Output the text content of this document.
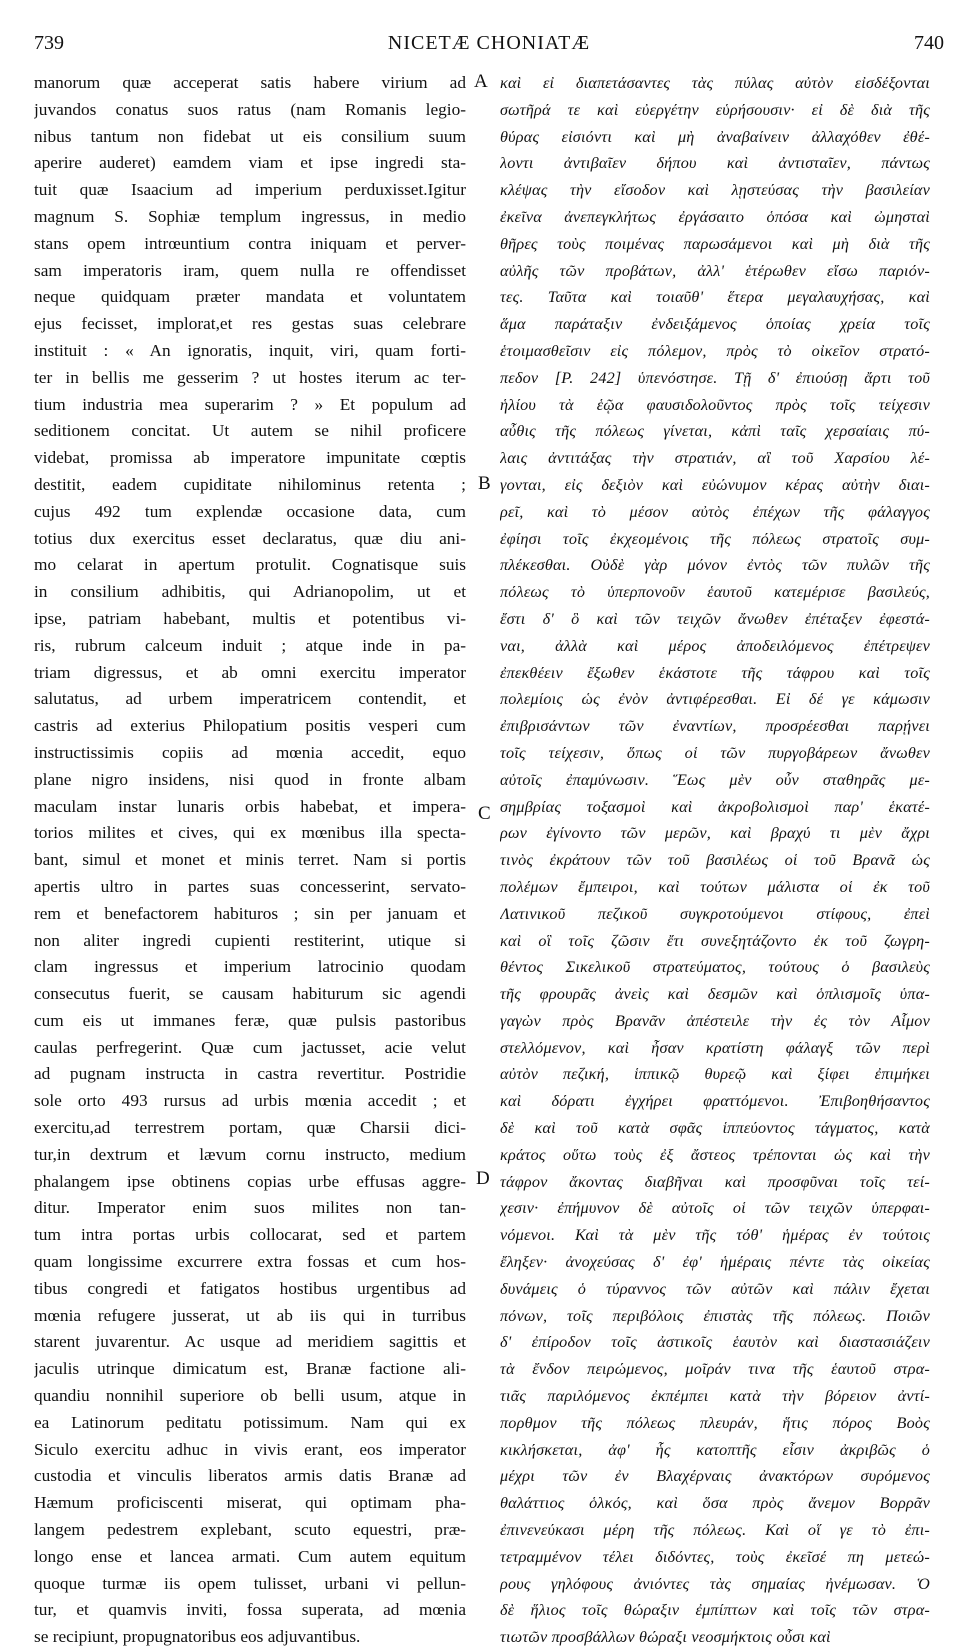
739	NICETÆ CHONIATÆ	740
manorum quæ acceperat satis habere virium ad
juvandos conatus suos ratus (nam Romanis legio-
nibus tantum non fidebat ut eis consilium suum
aperire auderet) eamdem viam et ipse ingredi sta-
tuit quæ Isaacium ad imperium perduxisset.Igitur
magnum S. Sophiæ templum ingressus, in medio
stans opem intrœuntium contra iniquam et perver-
sam imperatoris iram, quem nulla re offendisset
neque quidquam præter mandata et voluntatem
ejus fecisset, implorat,et res gestas suas celebrare
instituit : « An ignoratis, inquit, viri, quam forti-
ter in bellis me gesserim ? ut hostes iterum ac ter-
tium industria mea superarim ? » Et populum ad
seditionem concitat. Ut autem se nihil proficere
videbat, promissa ab imperatore impunitate cœptis
destitit, eadem cupiditate nihilominus retenta ;
cujus 492 tum explendæ occasione data, cum
totius dux exercitus esset declaratus, quæ diu ani-
mo celarat in apertum protulit. Cognatisque suis
in consilium adhibitis, qui Adrianopolim, ut et
ipse, patriam habebant, multis et potentibus vi-
ris, rubrum calceum induit ; atque inde in pa-
triam digressus, et ab omni exercitu imperator
salutatus, ad urbem imperatricem contendit, et
castris ad exterius Philopatium positis vesperi cum
instructissimis copiis ad mœnia accedit, equo
plane nigro insidens, nisi quod in fronte albam
maculam instar lunaris orbis habebat, et impera-
torios milites et cives, qui ex mœnibus illa specta-
bant, simul et monet et minis terret. Nam si portis
apertis ultro in partes suas concesserint, servato-
rem et benefactorem habituros ; sin per januam et
non aliter ingredi cupienti restiterint, utique si
clam ingressus et imperium latrocinio quodam
consecutus fuerit, se causam habiturum sic agendi
cum eis ut immanes feræ, quæ pulsis pastoribus
caulas perfregerint. Quæ cum jactusset, acie velut
ad pugnam instructa in castra revertitur. Postridie
sole orto 493 rursus ad urbis mœnia accedit ; et
exercitu,ad terrestrem portam, quæ Charsii dici-
tur,in dextrum et lævum cornu instructo, medium
phalangem ipse obtinens copias urbe effusas aggre-
ditur. Imperator enim suos milites non tan-
tum intra portas urbis collocarat, sed et partem
quam longissime excurrere extra fossas et cum hos-
tibus congredi et fatigatos hostibus urgentibus ad
mœnia refugere jusserat, ut ab iis qui in turribus
starent juvarentur. Ac usque ad meridiem sagittis et
jaculis utrinque dimicatum est, Branæ factione ali-
quandiu nonnihil superiore ob belli usum, atque in
ea Latinorum peditatu potissimum. Nam qui ex
Siculo exercitu adhuc in vivis erant, eos imperator
custodia et vinculis liberatos armis datis Branæ ad
Hæmum proficiscenti miserat, qui optimam pha-
langem pedestrem explebant, scuto equestri, præ-
longo ense et lancea armati. Cum autem equitum
quoque turmæ iis opem tulisset, urbani vi pellun-
tur, et quamvis inviti, fossa superata, ad mœnia
se recipiunt, propugnatoribus eos adjuvantibus.
καὶ εἰ διαπετάσαντες τὰς πύλας αὐτὸν εἰσδέξονται
σωτῆρά τε καὶ εὐεργέτην εὑρήσουσιν· εἰ δὲ διὰ τῆς
θύρας εἰσιόντι καὶ μὴ ἀναβαίνειν ἀλλαχόθεν ἐθέ-
λοντι ἀντιβαῖεν δήπου καὶ ἀντισταῖεν, πάντως
κλέψας τὴν εἴσοδον καὶ λῃστεύσας τὴν βασιλείαν
ἐκεῖνα ἀνεπεγκλήτως ἐργάσαιτο ὁπόσα καὶ ὠμησταὶ
θῆρες τοὺς ποιμένας παρωσάμενοι καὶ μὴ διὰ τῆς
αὐλῆς τῶν προβάτων, ἀλλ' ἑτέρωθεν εἴσω παριόν-
τες. Ταῦτα καὶ τοιαῦθ' ἕτερα μεγαλαυχήσας, καὶ
ἅμα παράταξιν ἐνδειξάμενος ὁποίας χρεία τοῖς
ἑτοιμασθεῖσιν εἰς πόλεμον, πρὸς τὸ οἰκεῖον στρατό-
πεδον [P. 242] ὑπενόστησε. Τῇ δ' ἐπιούσῃ ἄρτι τοῦ
ἡλίου τὰ ἑῷα φαυσιδολοῦντος πρὸς τοῖς τείχεσιν
αὖθις τῆς πόλεως γίνεται, κἀπὶ ταῖς χερσαίαις πύ-
λαις ἀντιτάξας τὴν στρατιάν, αἳ τοῦ Χαρσίου λέ-
γονται, εἰς δεξιὸν καὶ εὐώνυμον κέρας αὐτὴν διαι-
ρεῖ, καὶ τὸ μέσον αὐτὸς ἐπέχων τῆς φάλαγγος
ἐφίησι τοῖς ἐκχεομένοις τῆς πόλεως στρατοῖς συμ-
πλέκεσθαι. Οὐδὲ γὰρ μόνον ἐντὸς τῶν πυλῶν τῆς
πόλεως τὸ ὑπερπονοῦν ἑαυτοῦ κατεμέρισε βασιλεύς,
ἔστι δ' ὃ καὶ τῶν τειχῶν ἄνωθεν ἐπέταξεν ἐφεστά-
ναι, ἀλλὰ καὶ μέρος ἀποδειλόμενος ἐπέτρεψεν
ἐπεκθέειν ἔξωθεν ἑκάστοτε τῆς τάφρου καὶ τοῖς
πολεμίοις ὡς ἐνὸν ἀντιφέρεσθαι. Εἰ δέ γε κάμωσιν
ἐπιβρισάντων τῶν ἐναντίων, προσρέεσθαι παρῄνει
τοῖς τείχεσιν, ὅπως οἱ τῶν πυργοβάρεων ἄνωθεν
αὐτοῖς ἐπαμύνωσιν. Ἕως μὲν οὖν σταθηρᾶς με-
σημβρίας τοξασμοὶ καὶ ἀκροβολισμοὶ παρ' ἑκατέ-
ρων ἐγίνοντο τῶν μερῶν, καὶ βραχύ τι μὲν ἄχρι
τινὸς ἐκράτουν τῶν τοῦ βασιλέως οἱ τοῦ Βρανᾶ ὡς
πολέμων ἔμπειροι, καὶ τούτων μάλιστα οἱ ἐκ τοῦ
Λατινικοῦ πεζικοῦ συγκροτούμενοι στίφους, ἐπεὶ
καὶ οἳ τοῖς ζῶσιν ἔτι συνεξητάζοντο ἐκ τοῦ ζωγρη-
θέντος Σικελικοῦ στρατεύματος, τούτους ὁ βασιλεὺς
τῆς φρουρᾶς ἀνεὶς καὶ δεσμῶν καὶ ὁπλισμοῖς ὑπα-
γαγὼν πρὸς Βρανᾶν ἀπέστειλε τὴν ἐς τὸν Αἷμον
στελλόμενον, καὶ ἦσαν κρατίστη φάλαγξ τῶν περὶ
αὐτὸν πεζική, ἱππικῷ θυρεῷ καὶ ξίφει ἐπιμήκει
καὶ δόρατι ἐγχήρει φραττόμενοι. Ἐπιβοηθήσαντος
δὲ καὶ τοῦ κατὰ σφᾶς ἱππεύοντος τάγματος, κατὰ
κράτος οὕτω τοὺς ἐξ ἄστεος τρέπονται ὡς καὶ τὴν
τάφρον ἄκοντας διαβῆναι καὶ προσφῦναι τοῖς τεί-
χεσιν· ἐπήμυνον δὲ αὐτοῖς οἱ τῶν τειχῶν ὑπερφαι-
νόμενοι. Καὶ τὰ μὲν τῆς τόθ' ἡμέρας ἐν τούτοις
ἔληξεν· ἀνοχεύσας δ' ἐφ' ἡμέραις πέντε τὰς οἰκείας
δυνάμεις ὁ τύραννος τῶν αὐτῶν καὶ πάλιν ἔχεται
πόνων, τοῖς περιβόλοις ἐπιστὰς τῆς πόλεως. Ποιῶν
δ' ἐπίροδον τοῖς ἀστικοῖς ἑαυτὸν καὶ διαστασιάζειν
τὰ ἔνδον πειρώμενος, μοῖράν τινα τῆς ἑαυτοῦ στρα-
τιᾶς παριλόμενος ἐκπέμπει κατὰ τὴν βόρειον ἀντί-
πορθμον τῆς πόλεως πλευράν, ἥτις πόρος Βοὸς
κικλήσκεται, ἀφ' ἧς κατοπτῆς εἶσιν ἀκριβῶς ὁ
μέχρι τῶν ἐν Βλαχέρναις ἀνακτόρων συρόμενος
θαλάττιος ὁλκός, καὶ ὅσα πρὸς ἄνεμον Βορρᾶν
ἐπινενεύκασι μέρη τῆς πόλεως. Καὶ οἵ γε τὸ ἐπι-
τετραμμένον τέλει διδόντες, τοὺς ἐκεῖσέ πη μετεώ-
ρους γηλόφους ἀνιόντες τὰς σημαίας ἠνέμωσαν. Ὁ
δὲ ἥλιος τοῖς θώραξιν ἐμπίπτων καὶ τοῖς τῶν στρα-
τιωτῶν προσβάλλων θώραξι νεοσμήκτοις οὖσι καὶ
A
B
C
D
